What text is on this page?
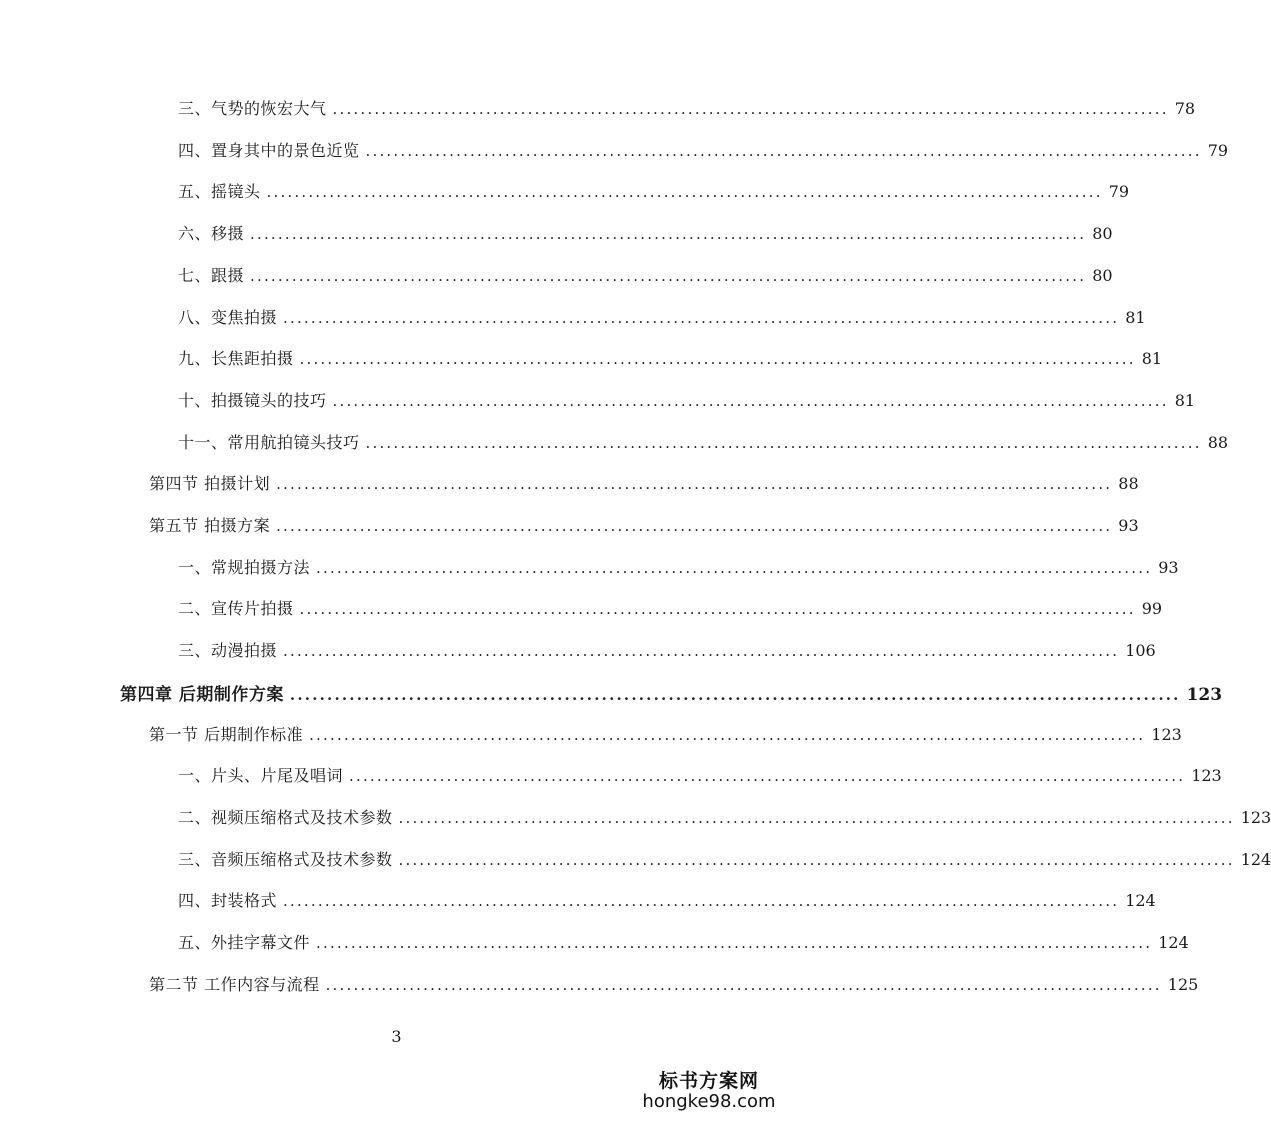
三、气势的恢宏大气 ........................................................................................................................ 78
四、置身其中的景色近览 ........................................................................................................................ 79
五、摇镜头 ........................................................................................................................ 79
六、移摄 ........................................................................................................................ 80
七、跟摄 ........................................................................................................................ 80
八、变焦拍摄 ........................................................................................................................ 81
九、长焦距拍摄 ........................................................................................................................ 81
十、拍摄镜头的技巧 ........................................................................................................................ 81
十一、常用航拍镜头技巧 ........................................................................................................................ 88
第四节 拍摄计划 ........................................................................................................................ 88
第五节 拍摄方案 ........................................................................................................................ 93
一、常规拍摄方法 ........................................................................................................................ 93
二、宣传片拍摄 ........................................................................................................................ 99
三、动漫拍摄 ........................................................................................................................ 106
第四章 后期制作方案 ........................................................................................................................ 123
第一节 后期制作标准 ........................................................................................................................ 123
一、片头、片尾及唱词 ........................................................................................................................ 123
二、视频压缩格式及技术参数 ........................................................................................................................ 123
三、音频压缩格式及技术参数 ........................................................................................................................ 124
四、封装格式 ........................................................................................................................ 124
五、外挂字幕文件 ........................................................................................................................ 124
第二节 工作内容与流程 ........................................................................................................................ 125
3
标书方案网
hongke98.com
